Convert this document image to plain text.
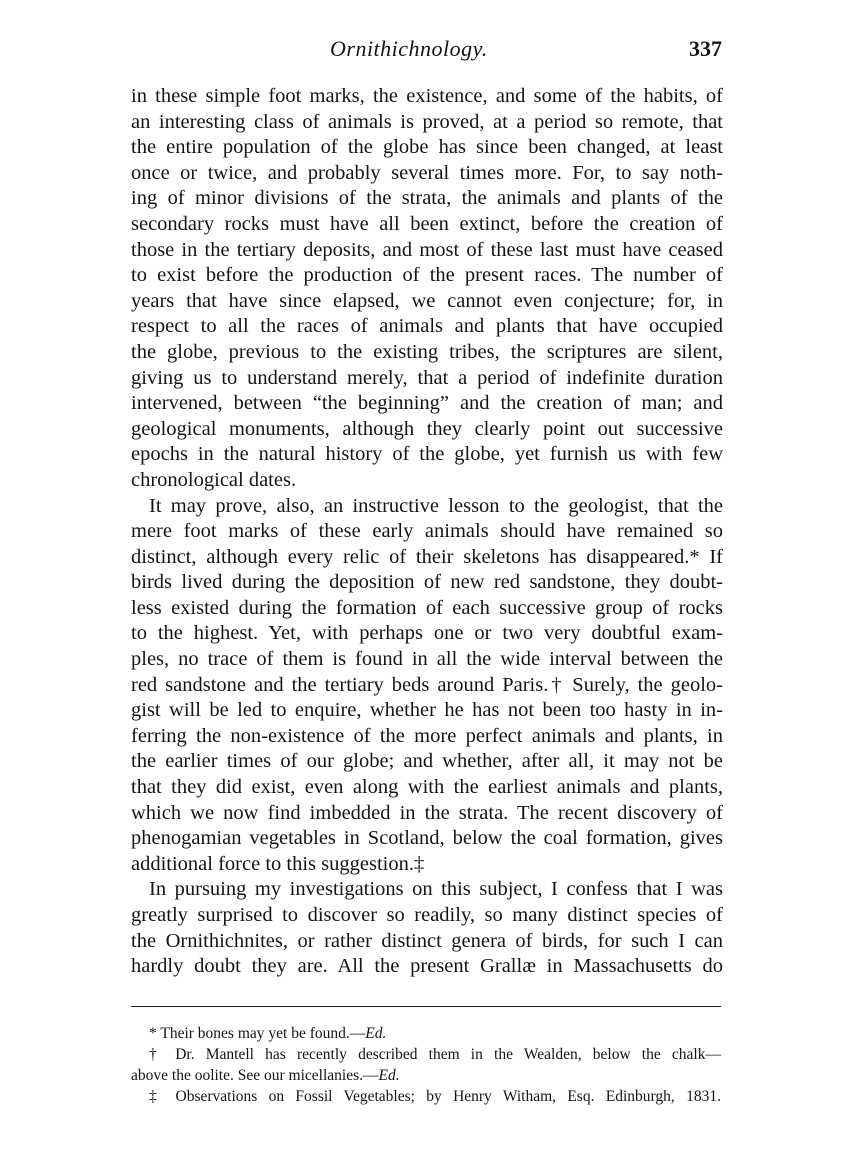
Ornithichnology.	337
in these simple foot marks, the existence, and some of the habits, of
an interesting class of animals is proved, at a period so remote, that
the entire population of the globe has since been changed, at least
once or twice, and probably several times more. For, to say noth-
ing of minor divisions of the strata, the animals and plants of the
secondary rocks must have all been extinct, before the creation of
those in the tertiary deposits, and most of these last must have ceased
to exist before the production of the present races. The number of
years that have since elapsed, we cannot even conjecture; for, in
respect to all the races of animals and plants that have occupied
the globe, previous to the existing tribes, the scriptures are silent,
giving us to understand merely, that a period of indefinite duration
intervened, between “the beginning” and the creation of man; and
geological monuments, although they clearly point out successive
epochs in the natural history of the globe, yet furnish us with few
chronological dates.
It may prove, also, an instructive lesson to the geologist, that the
mere foot marks of these early animals should have remained so
distinct, although every relic of their skeletons has disappeared.* If
birds lived during the deposition of new red sandstone, they doubt-
less existed during the formation of each successive group of rocks
to the highest. Yet, with perhaps one or two very doubtful exam-
ples, no trace of them is found in all the wide interval between the
red sandstone and the tertiary beds around Paris.† Surely, the geolo-
gist will be led to enquire, whether he has not been too hasty in in-
ferring the non-existence of the more perfect animals and plants, in
the earlier times of our globe; and whether, after all, it may not be
that they did exist, even along with the earliest animals and plants,
which we now find imbedded in the strata. The recent discovery of
phenogamian vegetables in Scotland, below the coal formation, gives
additional force to this suggestion.‡
In pursuing my investigations on this subject, I confess that I was
greatly surprised to discover so readily, so many distinct species of
the Ornithichnites, or rather distinct genera of birds, for such I can
hardly doubt they are. All the present Grallæ in Massachusetts do
* Their bones may yet be found.—Ed.
† Dr. Mantell has recently described them in the Wealden, below the chalk—
above the oolite. See our micellanies.—Ed.
‡ Observations on Fossil Vegetables; by Henry Witham, Esq. Edinburgh, 1831.
